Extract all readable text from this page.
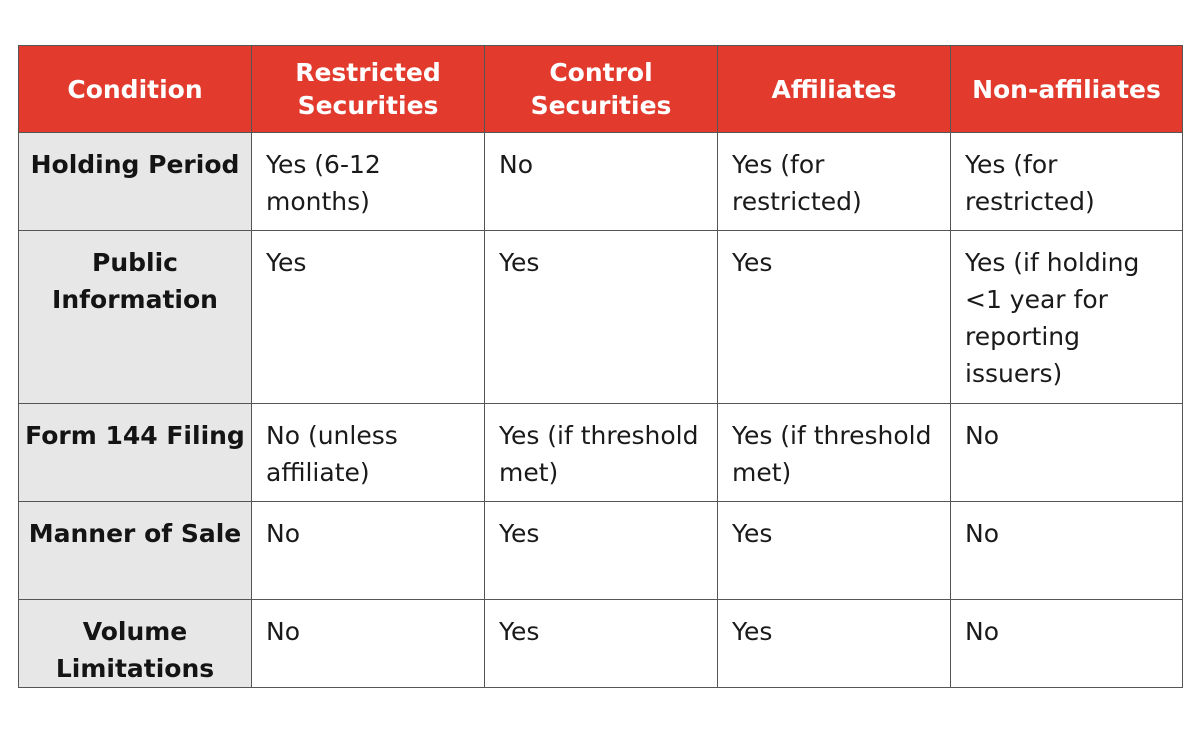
Condition	Restricted Securities	Control Securities	Affiliates	Non-affiliates
Holding Period	Yes (6-12 months)	No	Yes (for restricted)	Yes (for restricted)
Public Information	Yes	Yes	Yes	Yes (if holding <1 year for reporting issuers)
Form 144 Filing	No (unless affiliate)	Yes (if threshold met)	Yes (if threshold met)	No
Manner of Sale	No	Yes	Yes	No
Volume Limitations	No	Yes	Yes	No
